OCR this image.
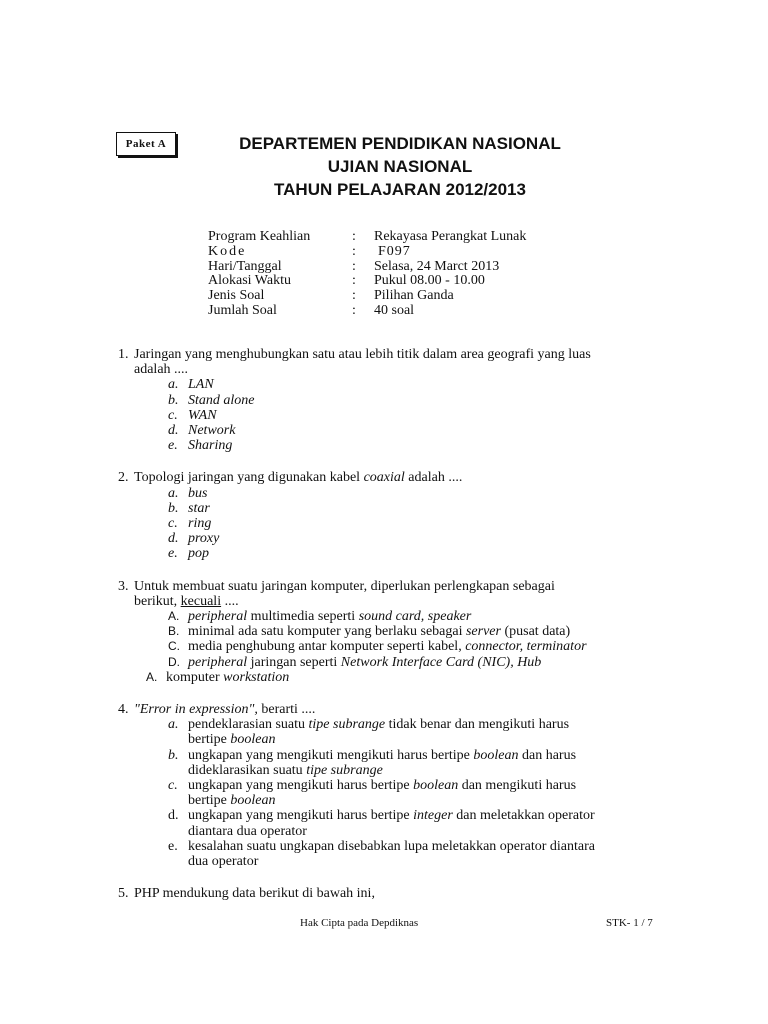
Paket A	DEPARTEMEN PENDIDIKAN NASIONAL
UJIAN NASIONAL
TAHUN PELAJARAN 2012/2013
Program Keahlian	:	Rekayasa Perangkat Lunak
Kode	:	F097
Hari/Tanggal	:	Selasa, 24 Marct 2013
Alokasi Waktu	:	Pukul 08.00 - 10.00
Jenis Soal	:	Pilihan Ganda
Jumlah Soal	:	40 soal
1. Jaringan yang menghubungkan satu atau lebih titik dalam area geografi yang luas adalah ....
a. LAN
b. Stand alone
c. WAN
d. Network
e. Sharing
2. Topologi jaringan yang digunakan kabel coaxial adalah ....
a. bus
b. star
c. ring
d. proxy
e. pop
3. Untuk membuat suatu jaringan komputer, diperlukan perlengkapan sebagai berikut, kecuali ....
A. peripheral multimedia seperti sound card, speaker
B. minimal ada satu komputer yang berlaku sebagai server (pusat data)
C. media penghubung antar komputer seperti kabel, connector, terminator
D. peripheral jaringan seperti Network Interface Card (NIC), Hub
A. komputer workstation
4. "Error in expression", berarti ....
a. pendeklarasian suatu tipe subrange tidak benar dan mengikuti harus bertipe boolean
b. ungkapan yang mengikuti mengikuti harus bertipe boolean dan harus dideklarasikan suatu tipe subrange
c. ungkapan yang mengikuti harus bertipe boolean dan mengikuti harus bertipe boolean
d. ungkapan yang mengikuti harus bertipe integer dan meletakkan operator diantara dua operator
e. kesalahan suatu ungkapan disebabkan lupa meletakkan operator diantara dua operator
5. PHP mendukung data berikut di bawah ini,
Hak Cipta pada Depdiknas	STK- 1 / 7
